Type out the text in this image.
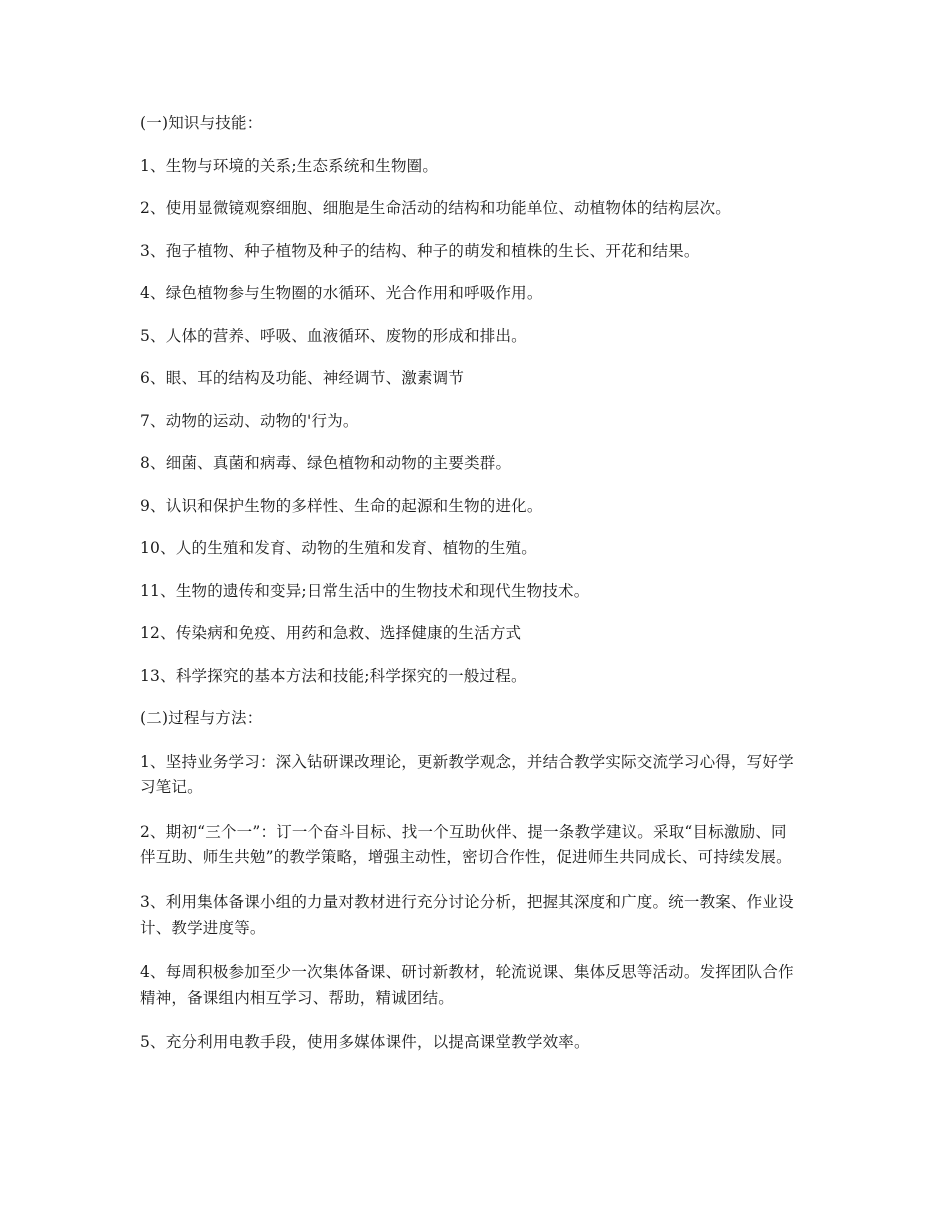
(一)知识与技能：

1、生物与环境的关系;生态系统和生物圈。

2、使用显微镜观察细胞、细胞是生命活动的结构和功能单位、动植物体的结构层次。

3、孢子植物、种子植物及种子的结构、种子的萌发和植株的生长、开花和结果。

4、绿色植物参与生物圈的水循环、光合作用和呼吸作用。

5、人体的营养、呼吸、血液循环、废物的形成和排出。

6、眼、耳的结构及功能、神经调节、激素调节

7、动物的运动、动物的'行为。

8、细菌、真菌和病毒、绿色植物和动物的主要类群。

9、认识和保护生物的多样性、生命的起源和生物的进化。

10、人的生殖和发育、动物的生殖和发育、植物的生殖。

11、生物的遗传和变异;日常生活中的生物技术和现代生物技术。

12、传染病和免疫、用药和急救、选择健康的生活方式

13、科学探究的基本方法和技能;科学探究的一般过程。

(二)过程与方法：

1、坚持业务学习：深入钻研课改理论，更新教学观念，并结合教学实际交流学习心得，写好学习笔记。

2、期初“三个一”：订一个奋斗目标、找一个互助伙伴、提一条教学建议。采取“目标激励、同伴互助、师生共勉”的教学策略，增强主动性，密切合作性，促进师生共同成长、可持续发展。

3、利用集体备课小组的力量对教材进行充分讨论分析，把握其深度和广度。统一教案、作业设计、教学进度等。

4、每周积极参加至少一次集体备课、研讨新教材，轮流说课、集体反思等活动。发挥团队合作精神，备课组内相互学习、帮助，精诚团结。

5、充分利用电教手段，使用多媒体课件，以提高课堂教学效率。
